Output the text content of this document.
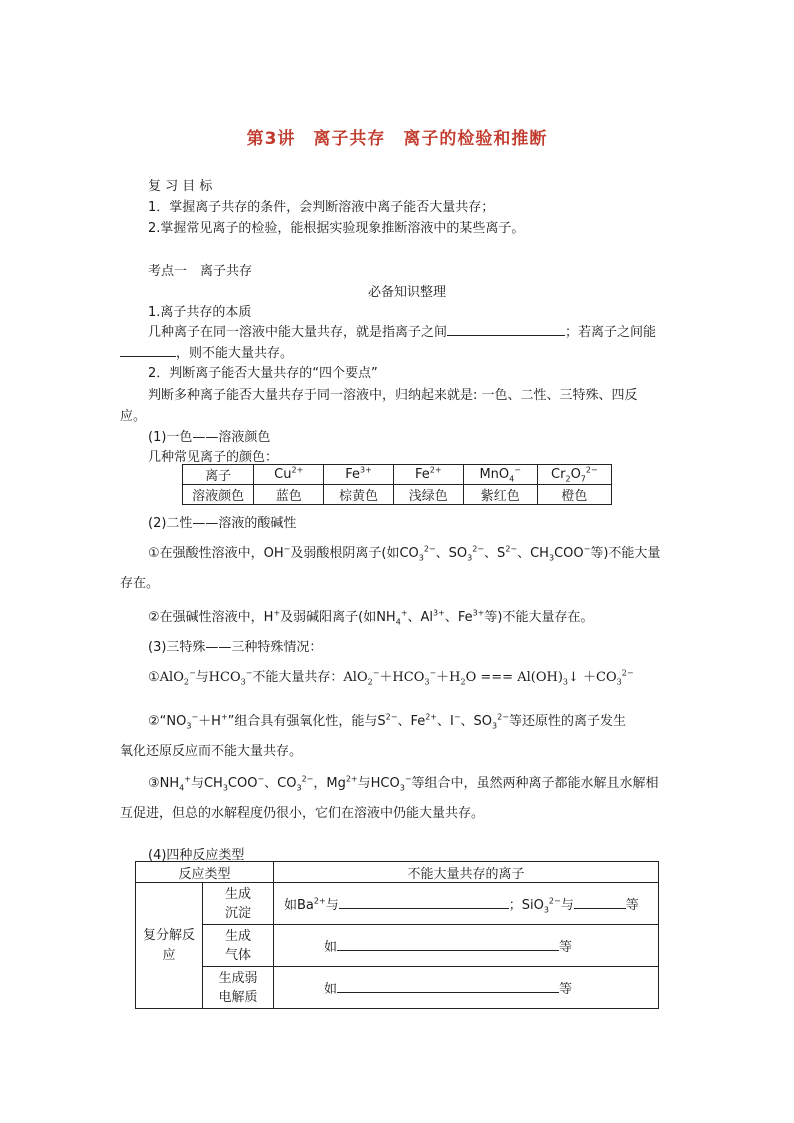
第3讲　离子共存　离子的检验和推断
复 习 目 标
1．掌握离子共存的条件，会判断溶液中离子能否大量共存；
2.掌握常见离子的检验，能根据实验现象推断溶液中的某些离子。
考点一　离子共存
必备知识整理
1.离子共存的本质
几种离子在同一溶液中能大量共存，就是指离子之间	；若离子之间能
，则不能大量共存。
2．判断离子能否大量共存的“四个要点”
判断多种离子能否大量共存于同一溶液中，归纳起来就是: 一色、二性、三特殊、四反
应。
(1)一色——溶液颜色
几种常见离子的颜色：
离子	$Cu^{2+}$	$Fe^{3+}$	$Fe^{2+}$	MnO$_4$−	$Cr_2O_7^{2-}$
溶液颜色	蓝色	棕黄色	浅绿色	紫红色	橙色
(2)二性——溶液的酸碱性
①在强酸性溶液中，OH−及弱酸根阴离子(如$CO_3^{2-}$、$SO_3^{2-}$、$S^{2-}$、$CH_3COO^-$等)不能大量
存在。
②在强碱性溶液中，H+及弱碱阳离子(如$NH_4^+$、$Al^{3+}$、$Fe^{3+}$等)不能大量存在。
(3)三特殊——三种特殊情况：
①AlO$_2$−与$HCO_3^-$不能大量共存：$AlO_2^-+HCO_3^-+H_2O$ === $Al(OH)_3↓ +CO_3^{2-}$
$②“NO_3^-+H^+$”组合具有强氧化性，能与$S^{2-}$、$Fe^{2+}$、I−、$SO_3^{2-}$等还原性的离子发生
氧化还原反应而不能大量共存。
$③NH_4^+$与$CH_3COO^-$、$CO_3^{2-}$，$Mg^{2+}$与$HCO_3^-$等组合中，虽然两种离子都能水解且水解相
互促进，但总的水解程度仍很小，它们在溶液中仍能大量共存。
(4)四种反应类型
反应类型		不能大量共存的离子

复分解反应	生成沉淀	如$Ba^{2+}$与 ；SiO$_3^{2-}$与 等

	生成气体	如 等

	生成弱电解质	如 等
